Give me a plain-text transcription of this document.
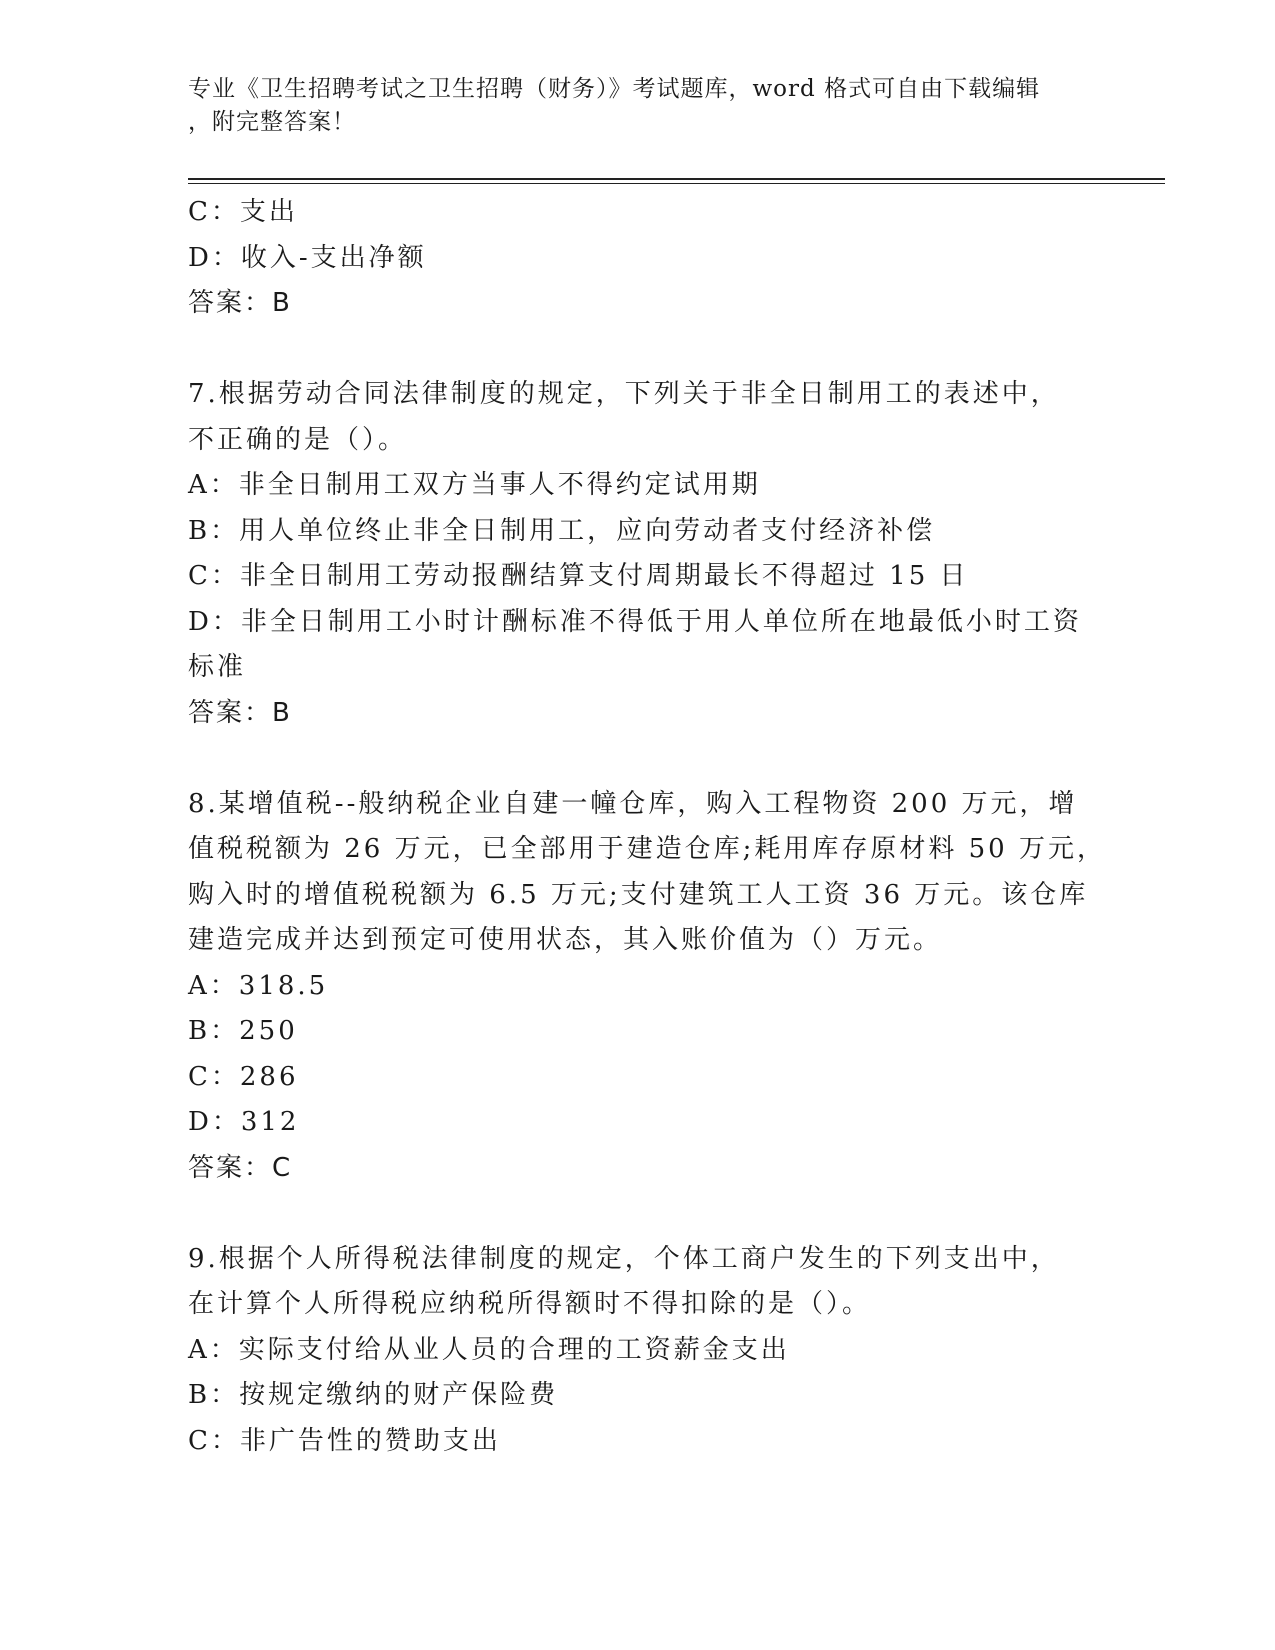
专业《卫生招聘考试之卫生招聘（财务）》考试题库，word 格式可自由下载编辑
，附完整答案！
C：支出
D：收入-支出净额
答案：B
7.根据劳动合同法律制度的规定，下列关于非全日制用工的表述中，
不正确的是（）。
A：非全日制用工双方当事人不得约定试用期
B：用人单位终止非全日制用工，应向劳动者支付经济补偿
C：非全日制用工劳动报酬结算支付周期最长不得超过 15 日
D：非全日制用工小时计酬标准不得低于用人单位所在地最低小时工资
标准
答案：B
8.某增值税--般纳税企业自建一幢仓库，购入工程物资 200 万元，增
值税税额为 26 万元，已全部用于建造仓库;耗用库存原材料 50 万元，
购入时的增值税税额为 6.5 万元;支付建筑工人工资 36 万元。该仓库
建造完成并达到预定可使用状态，其入账价值为（）万元。
A：318.5
B：250
C：286
D：312
答案：C
9.根据个人所得税法律制度的规定，个体工商户发生的下列支出中，
在计算个人所得税应纳税所得额时不得扣除的是（）。
A：实际支付给从业人员的合理的工资薪金支出
B：按规定缴纳的财产保险费
C：非广告性的赞助支出
